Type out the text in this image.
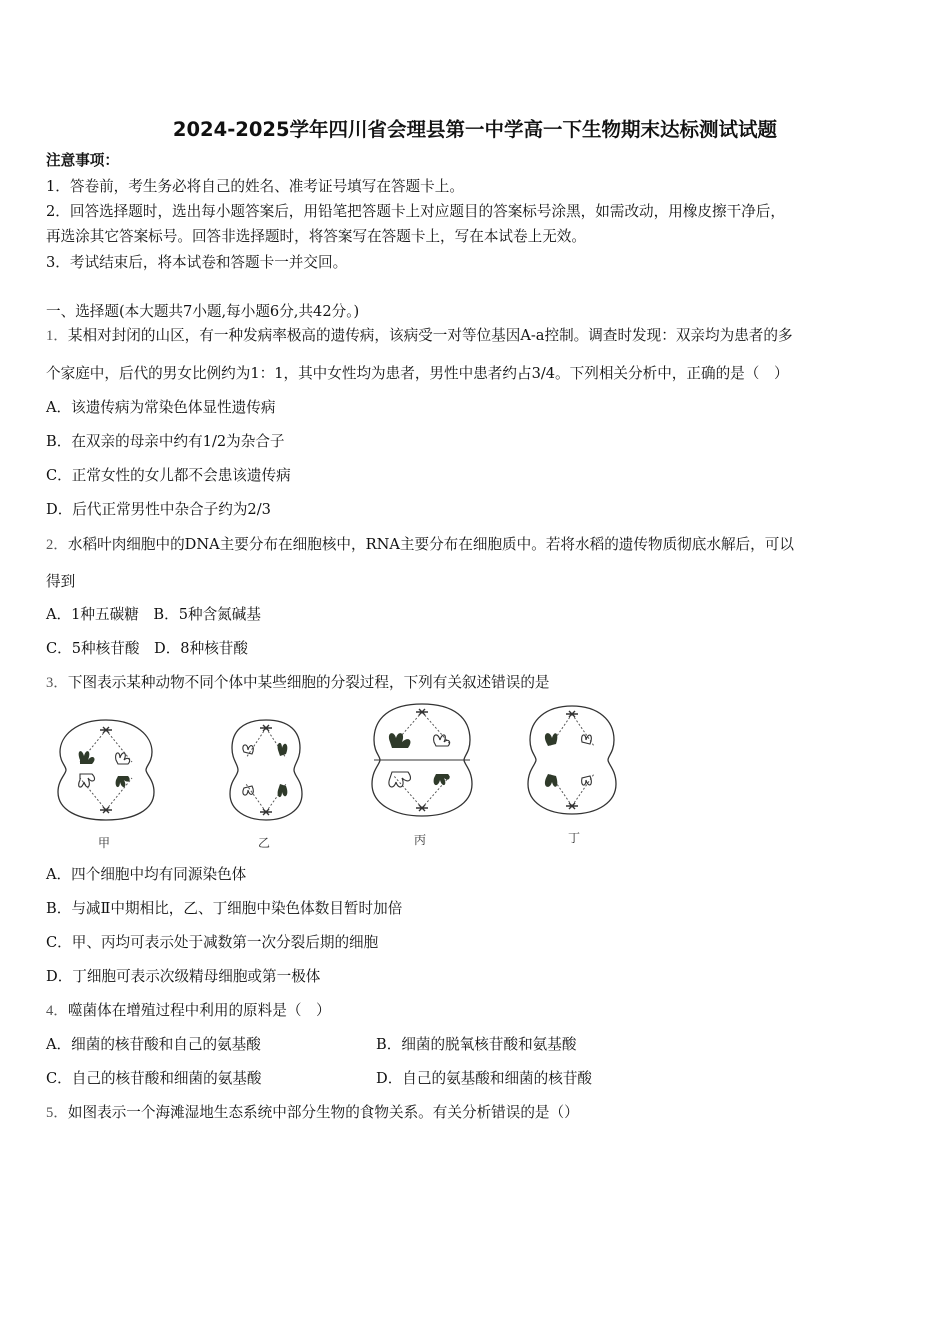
2024-2025学年四川省会理县第一中学高一下生物期末达标测试试题
注意事项：
1．答卷前，考生务必将自己的姓名、准考证号填写在答题卡上。
2．回答选择题时，选出每小题答案后，用铅笔把答题卡上对应题目的答案标号涂黑，如需改动，用橡皮擦干净后，
再选涂其它答案标号。回答非选择题时，将答案写在答题卡上，写在本试卷上无效。
3．考试结束后，将本试卷和答题卡一并交回。
一、选择题(本大题共7小题,每小题6分,共42分。)
1．某相对封闭的山区，有一种发病率极高的遗传病，该病受一对等位基因A-a控制。调查时发现：双亲均为患者的多
个家庭中，后代的男女比例约为1：1，其中女性均为患者，男性中患者约占3/4。下列相关分析中，正确的是（　）
A．该遗传病为常染色体显性遗传病
B．在双亲的母亲中约有1/2为杂合子
C．正常女性的女儿都不会患该遗传病
D．后代正常男性中杂合子约为2/3
2．水稻叶肉细胞中的DNA主要分布在细胞核中，RNA主要分布在细胞质中。若将水稻的遗传物质彻底水解后，可以
得到
A．1种五碳糖　B．5种含氮碱基
C．5种核苷酸　D．8种核苷酸
3．下图表示某种动物不同个体中某些细胞的分裂过程，下列有关叙述错误的是
甲	乙	丙	丁
A．四个细胞中均有同源染色体
B．与减Ⅱ中期相比，乙、丁细胞中染色体数目暂时加倍
C．甲、丙均可表示处于减数第一次分裂后期的细胞
D．丁细胞可表示次级精母细胞或第一极体
4．噬菌体在增殖过程中利用的原料是（　）
A．细菌的核苷酸和自己的氨基酸	B．细菌的脱氧核苷酸和氨基酸
C．自己的核苷酸和细菌的氨基酸	D．自己的氨基酸和细菌的核苷酸
5．如图表示一个海滩湿地生态系统中部分生物的食物关系。有关分析错误的是（）
